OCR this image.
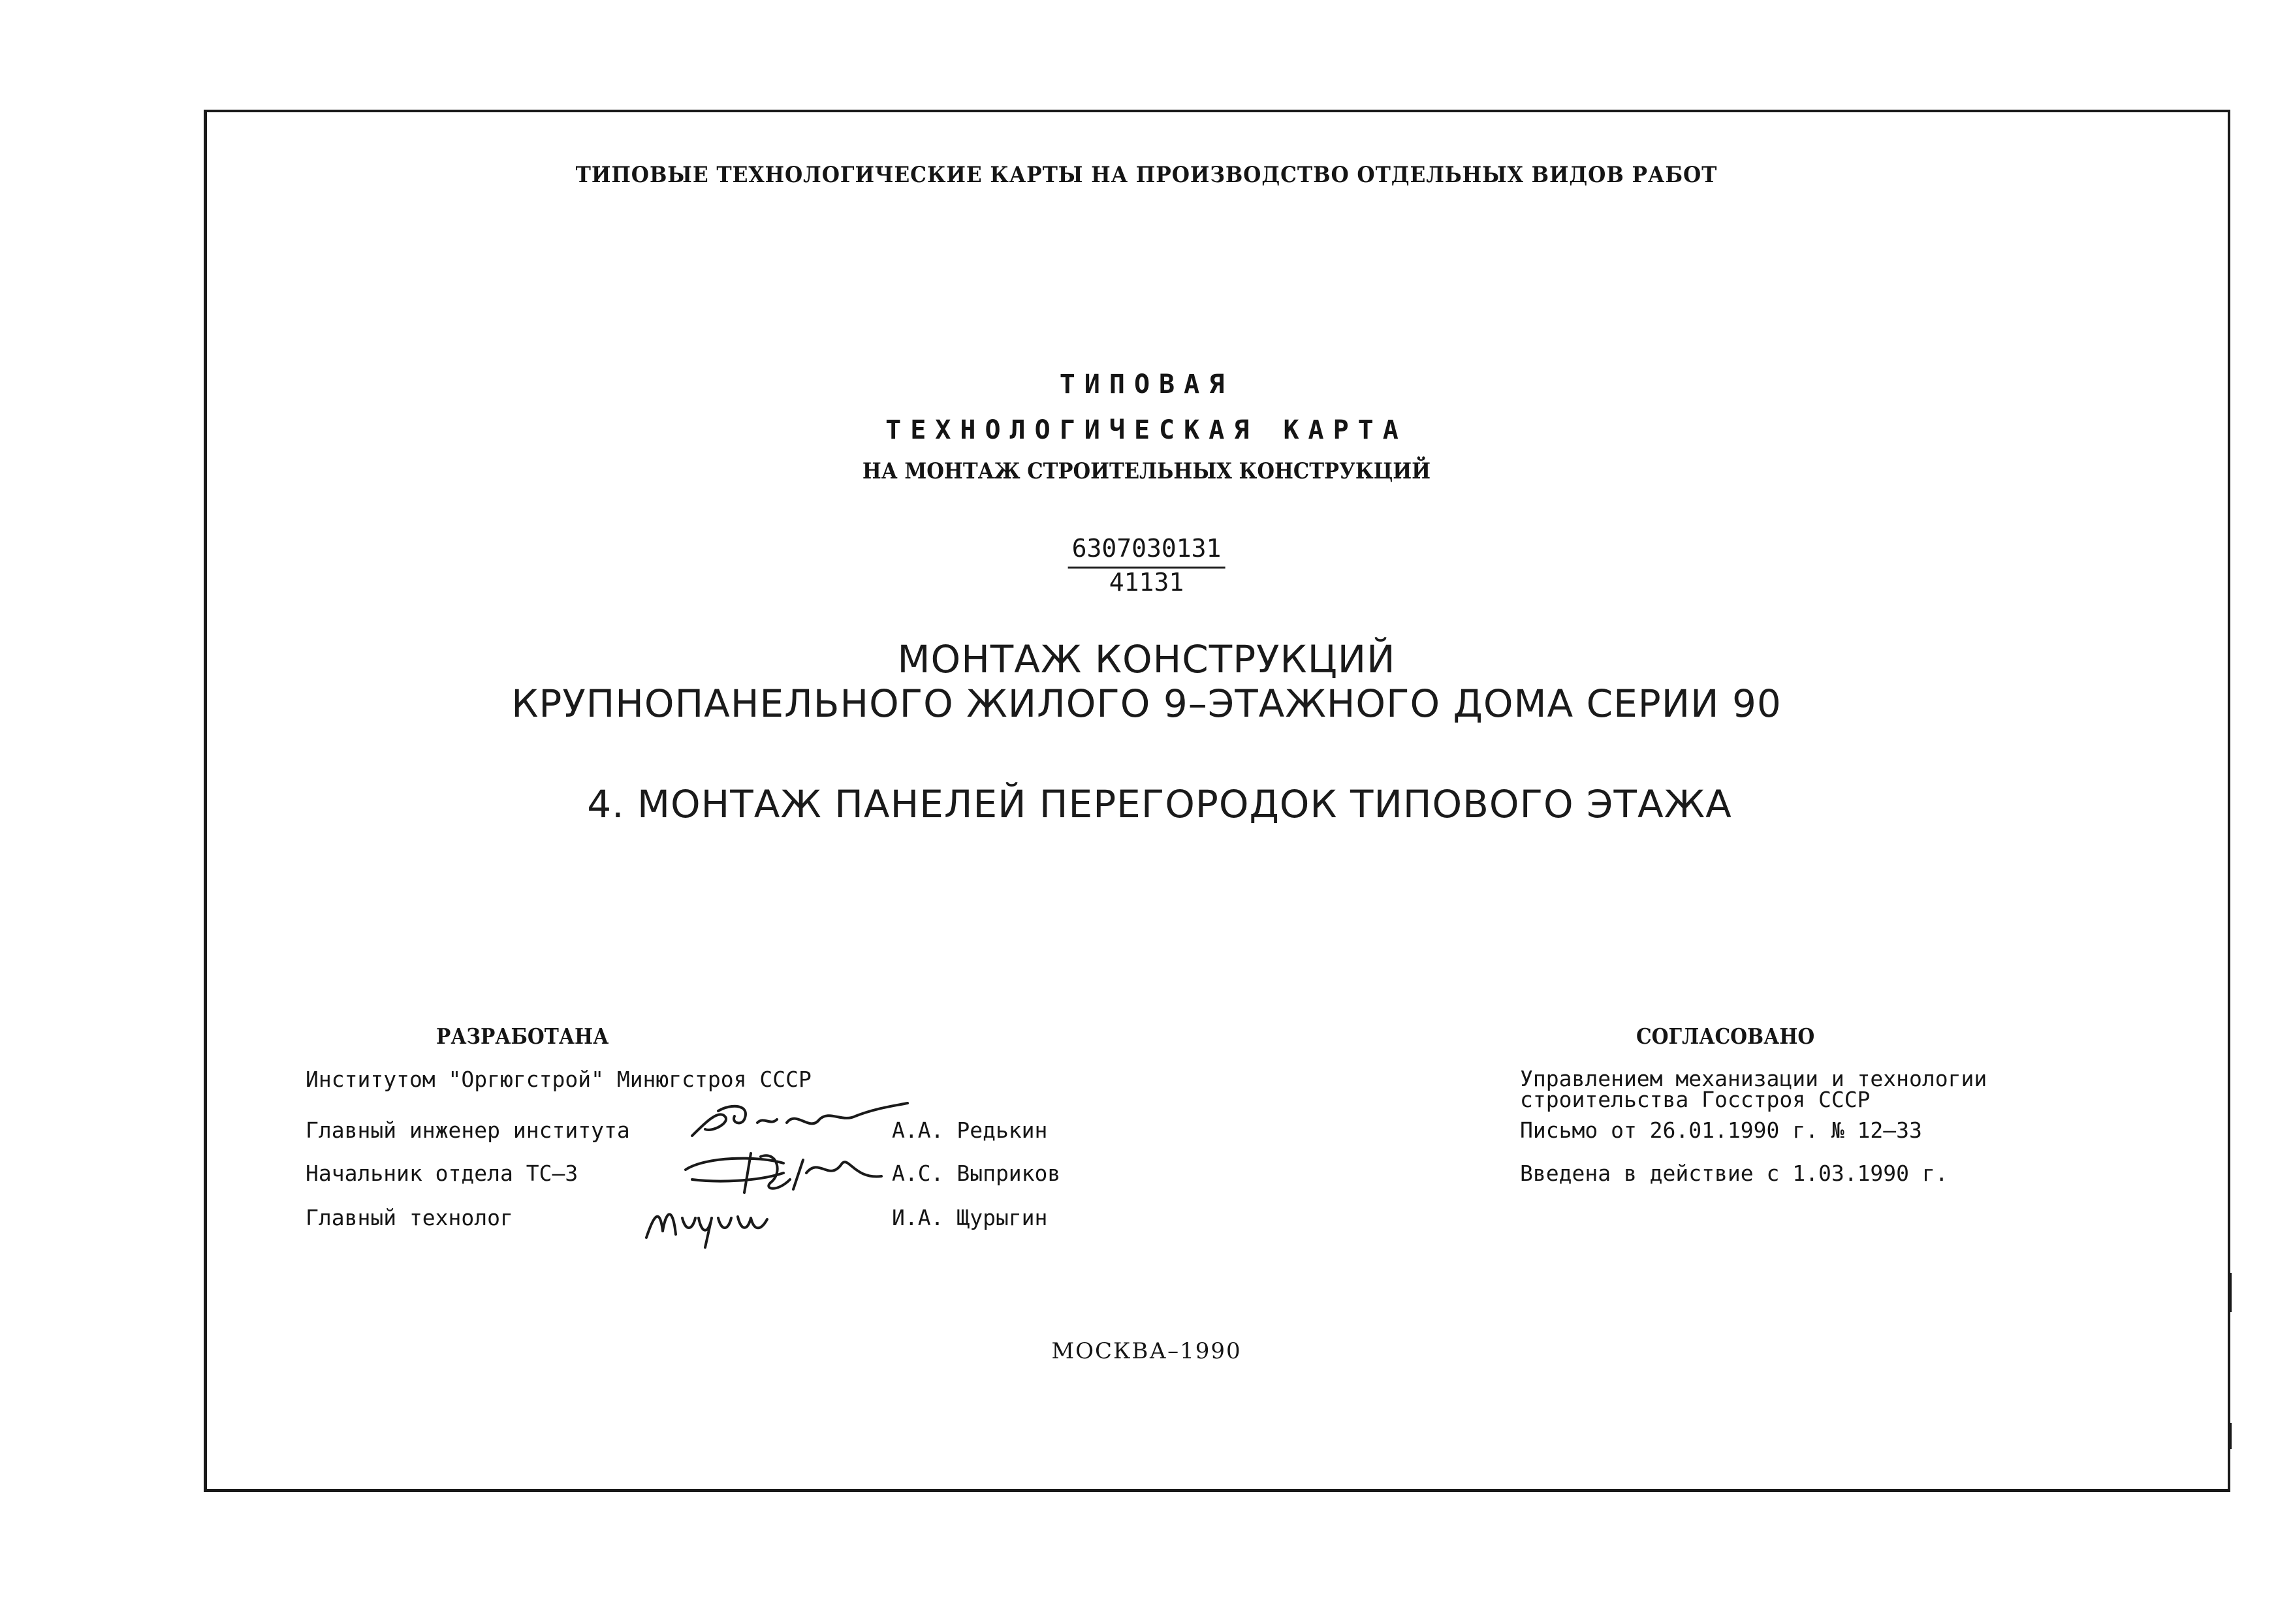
ТИПОВЫЕ ТЕХНОЛОГИЧЕСКИЕ КАРТЫ НА ПРОИЗВОДСТВО ОТДЕЛЬНЫХ ВИДОВ РАБОТ
ТИПОВАЯ
ТЕХНОЛОГИЧЕСКАЯ КАРТА
НА МОНТАЖ СТРОИТЕЛЬНЫХ КОНСТРУКЦИЙ
6307030131
41131
МОНТАЖ КОНСТРУКЦИЙ
КРУПНОПАНЕЛЬНОГО ЖИЛОГО 9–ЭТАЖНОГО ДОМА СЕРИИ 90
4. МОНТАЖ ПАНЕЛЕЙ ПЕРЕГОРОДОК ТИПОВОГО ЭТАЖА
РАЗРАБОТАНА
Институтом "Оргюгстрой" Минюгстроя СССР
Главный инженер института
Начальник отдела ТС–3
Главный технолог
А.А. Редькин
А.С. Выприков
И.А. Щурыгин
СОГЛАСОВАНО
Управлением механизации и технологии
строительства Госстроя СССР
Письмо от 26.01.1990 г. № 12–33
Введена в действие с 1.03.1990 г.
МОСКВА–1990
